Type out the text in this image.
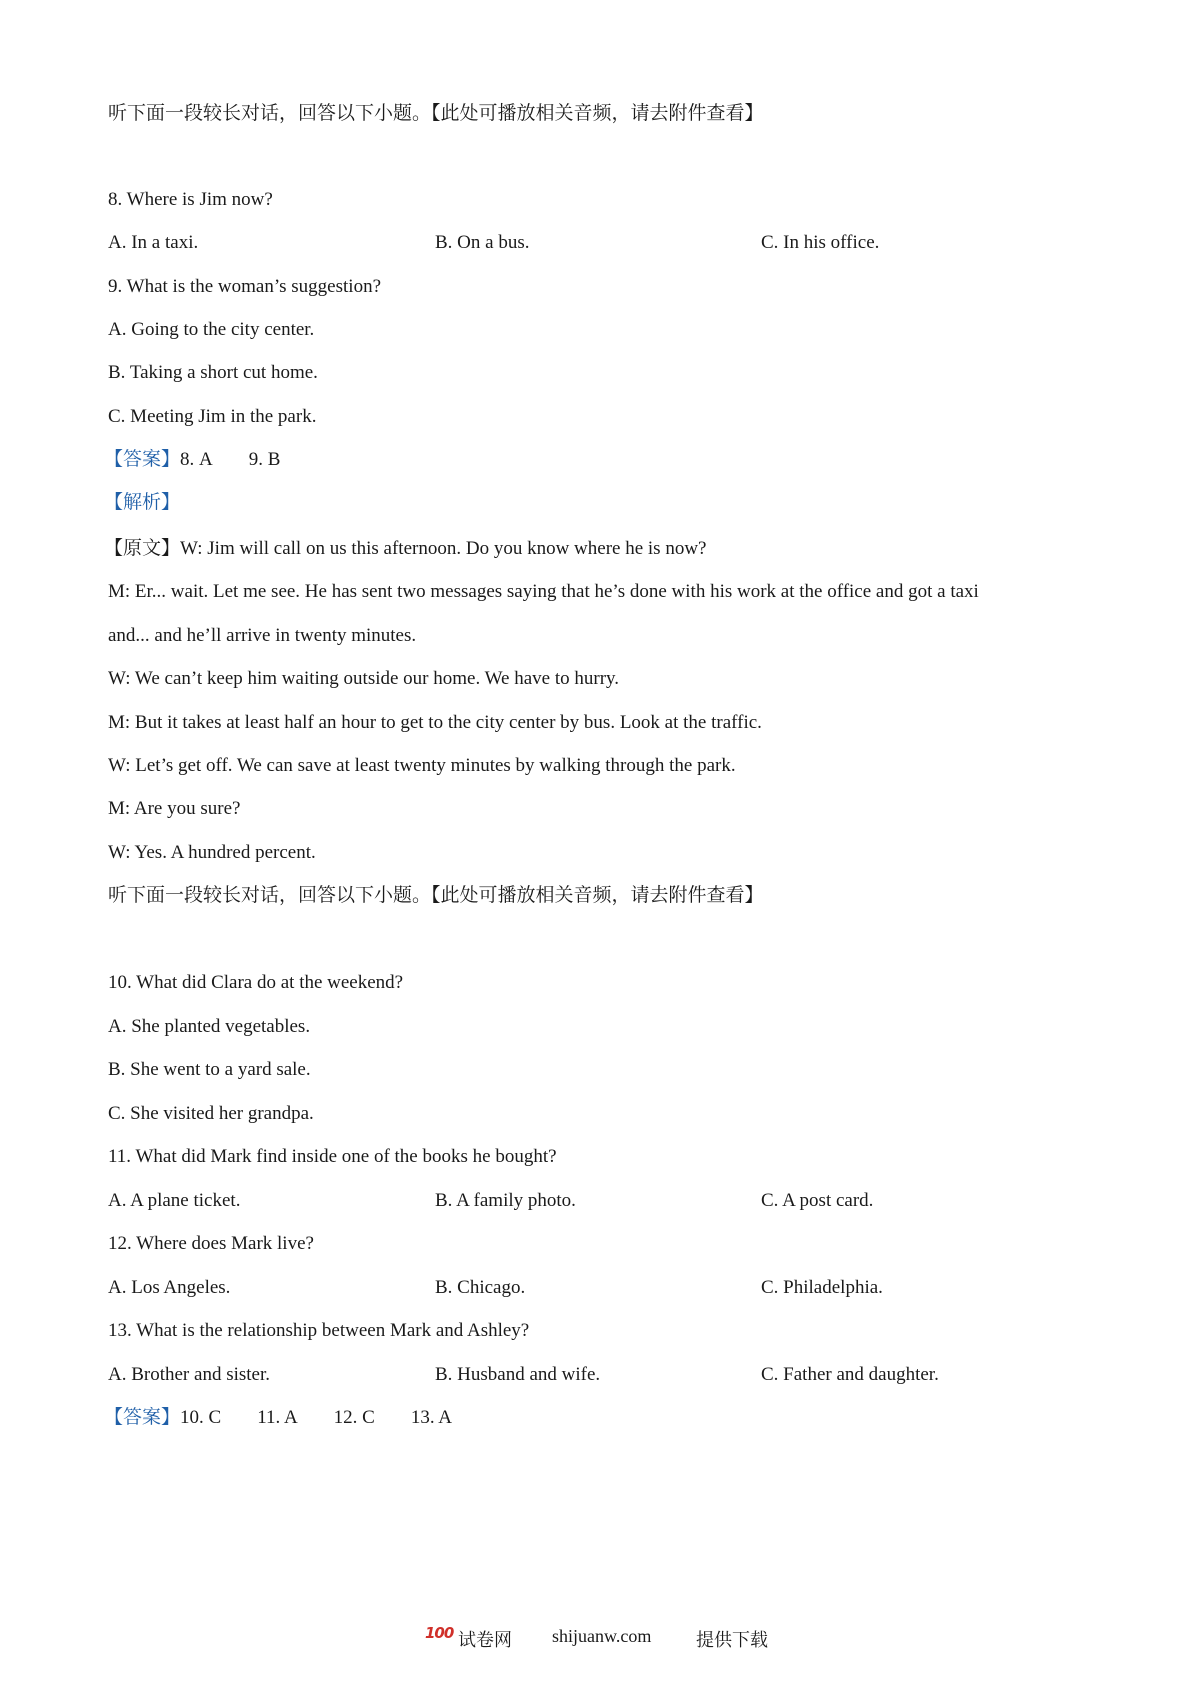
听下面一段较长对话，回答以下小题。【此处可播放相关音频，请去附件查看】
8. Where is Jim now?
A. In a taxi.	B. On a bus.	C. In his office.
9. What is the woman’s suggestion?
A. Going to the city center.
B. Taking a short cut home.
C. Meeting Jim in the park.
【答案】8. A 9. B
【解析】
【原文】W: Jim will call on us this afternoon. Do you know where he is now?
M: Er... wait. Let me see. He has sent two messages saying that he’s done with his work at the office and got a taxi
and... and he’ll arrive in twenty minutes.
W: We can’t keep him waiting outside our home. We have to hurry.
M: But it takes at least half an hour to get to the city center by bus. Look at the traffic.
W: Let’s get off. We can save at least twenty minutes by walking through the park.
M: Are you sure?
W: Yes. A hundred percent.
听下面一段较长对话，回答以下小题。【此处可播放相关音频，请去附件查看】
10. What did Clara do at the weekend?
A. She planted vegetables.
B. She went to a yard sale.
C. She visited her grandpa.
11. What did Mark find inside one of the books he bought?
A. A plane ticket.	B. A family photo.	C. A post card.
12. Where does Mark live?
A. Los Angeles.	B. Chicago.	C. Philadelphia.
13. What is the relationship between Mark and Ashley?
A. Brother and sister.	B. Husband and wife.	C. Father and daughter.
【答案】10. C 11. A 12. C 13. A
100 试卷网 shijuanw.com 提供下载
